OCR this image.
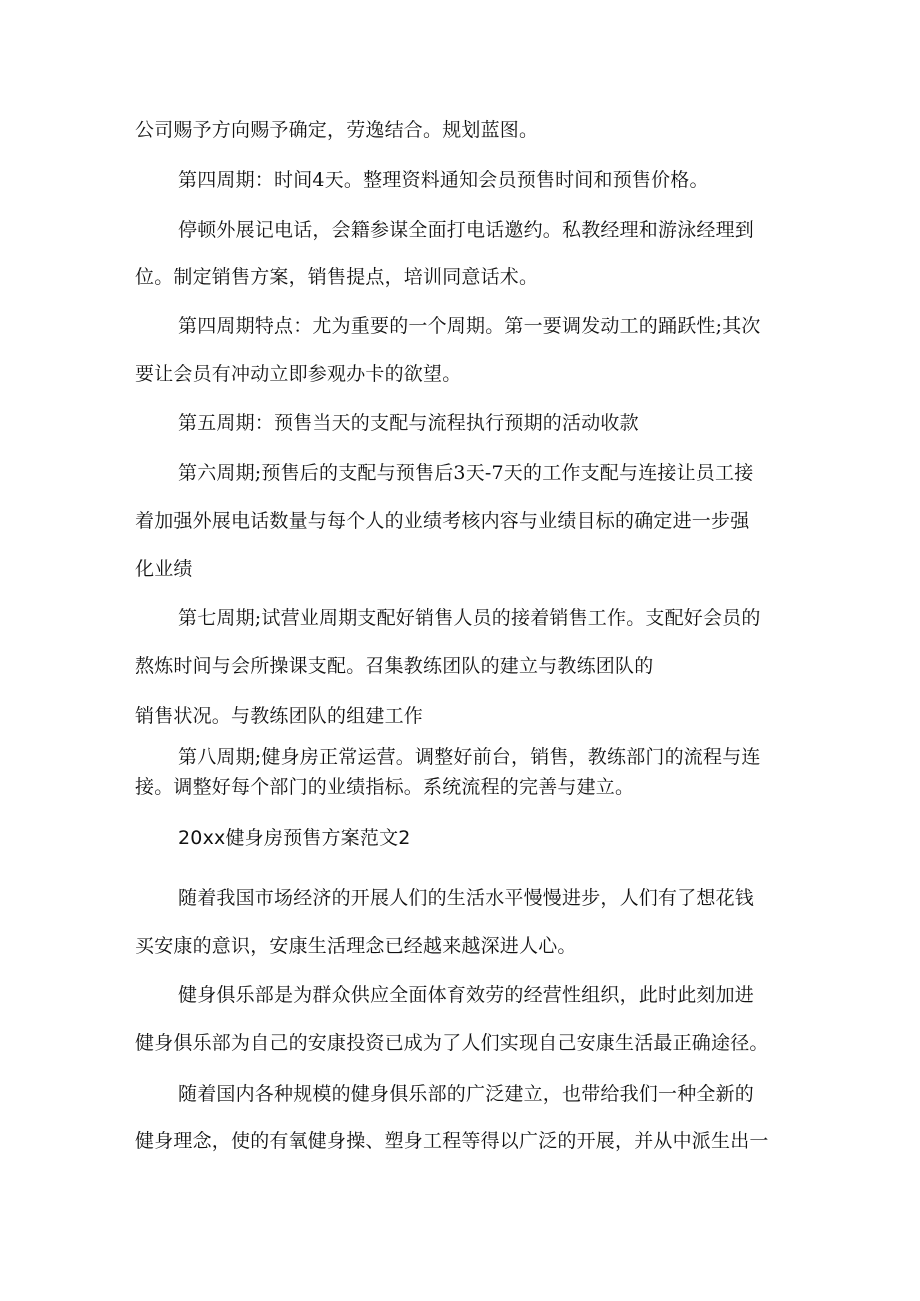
公司赐予方向赐予确定，劳逸结合。规划蓝图。
第四周期：时间4天。整理资料通知会员预售时间和预售价格。
停顿外展记电话，会籍参谋全面打电话邀约。私教经理和游泳经理到
位。制定销售方案，销售提点，培训同意话术。
第四周期特点：尤为重要的一个周期。第一要调发动工的踊跃性;其次
要让会员有冲动立即参观办卡的欲望。
第五周期：预售当天的支配与流程执行预期的活动收款
第六周期;预售后的支配与预售后3天-7天的工作支配与连接让员工接
着加强外展电话数量与每个人的业绩考核内容与业绩目标的确定进一步强
化业绩
第七周期;试营业周期支配好销售人员的接着销售工作。支配好会员的
熬炼时间与会所操课支配。召集教练团队的建立与教练团队的
销售状况。与教练团队的组建工作
第八周期;健身房正常运营。调整好前台，销售，教练部门的流程与连
接。调整好每个部门的业绩指标。系统流程的完善与建立。
20xx健身房预售方案范文2
随着我国市场经济的开展人们的生活水平慢慢进步，人们有了想花钱
买安康的意识，安康生活理念已经越来越深进人心。
健身俱乐部是为群众供应全面体育效劳的经营性组织，此时此刻加进
健身俱乐部为自己的安康投资已成为了人们实现自己安康生活最正确途径。
随着国内各种规模的健身俱乐部的广泛建立，也带给我们一种全新的
健身理念，使的有氧健身操、塑身工程等得以广泛的开展，并从中派生出一
